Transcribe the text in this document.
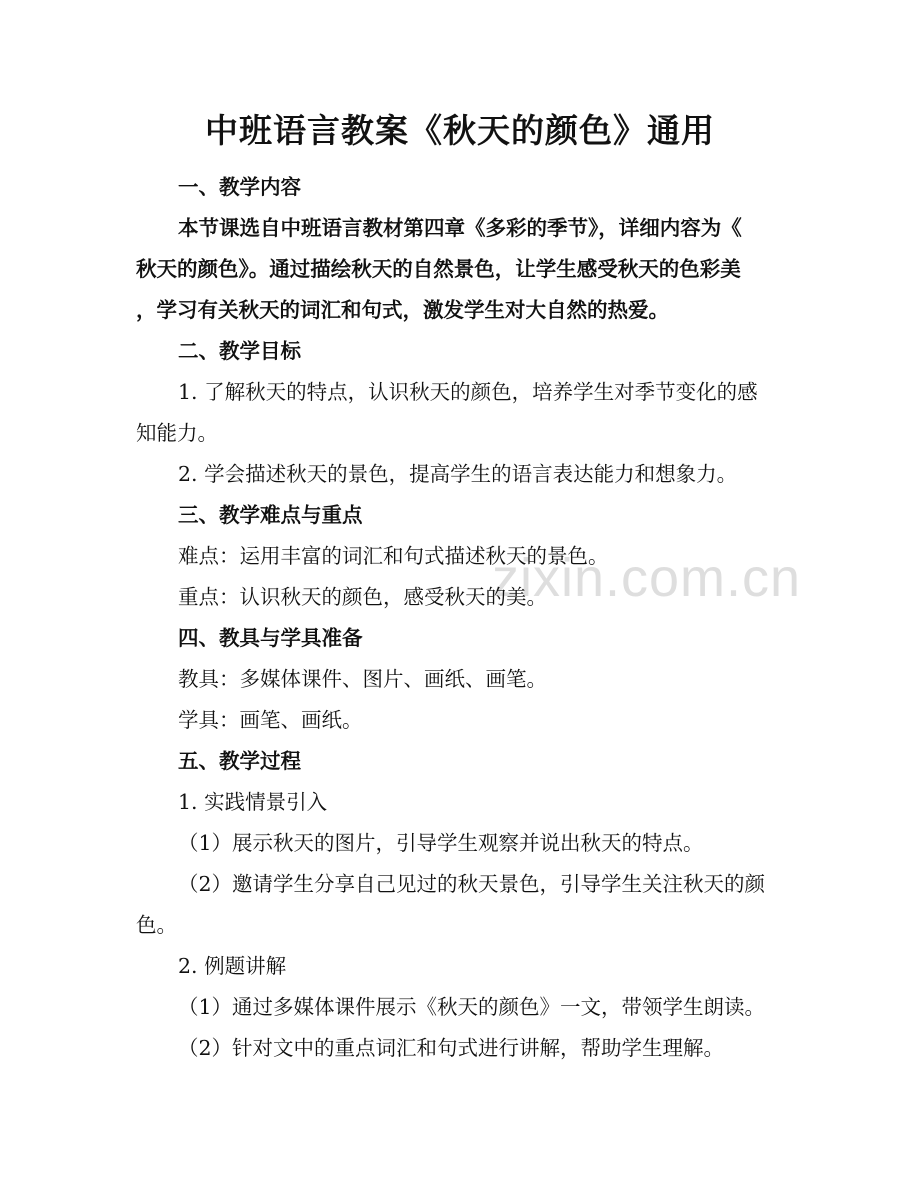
zixin.com.cn
中班语言教案《秋天的颜色》通用
一、教学内容
本节课选自中班语言教材第四章《多彩的季节》，详细内容为《
秋天的颜色》。通过描绘秋天的自然景色，让学生感受秋天的色彩美
，学习有关秋天的词汇和句式，激发学生对大自然的热爱。
二、教学目标
1. 了解秋天的特点，认识秋天的颜色，培养学生对季节变化的感
知能力。
2. 学会描述秋天的景色，提高学生的语言表达能力和想象力。
三、教学难点与重点
难点：运用丰富的词汇和句式描述秋天的景色。
重点：认识秋天的颜色，感受秋天的美。
四、教具与学具准备
教具：多媒体课件、图片、画纸、画笔。
学具：画笔、画纸。
五、教学过程
1. 实践情景引入
（1）展示秋天的图片，引导学生观察并说出秋天的特点。
（2）邀请学生分享自己见过的秋天景色，引导学生关注秋天的颜
色。
2. 例题讲解
（1）通过多媒体课件展示《秋天的颜色》一文，带领学生朗读。
（2）针对文中的重点词汇和句式进行讲解，帮助学生理解。
